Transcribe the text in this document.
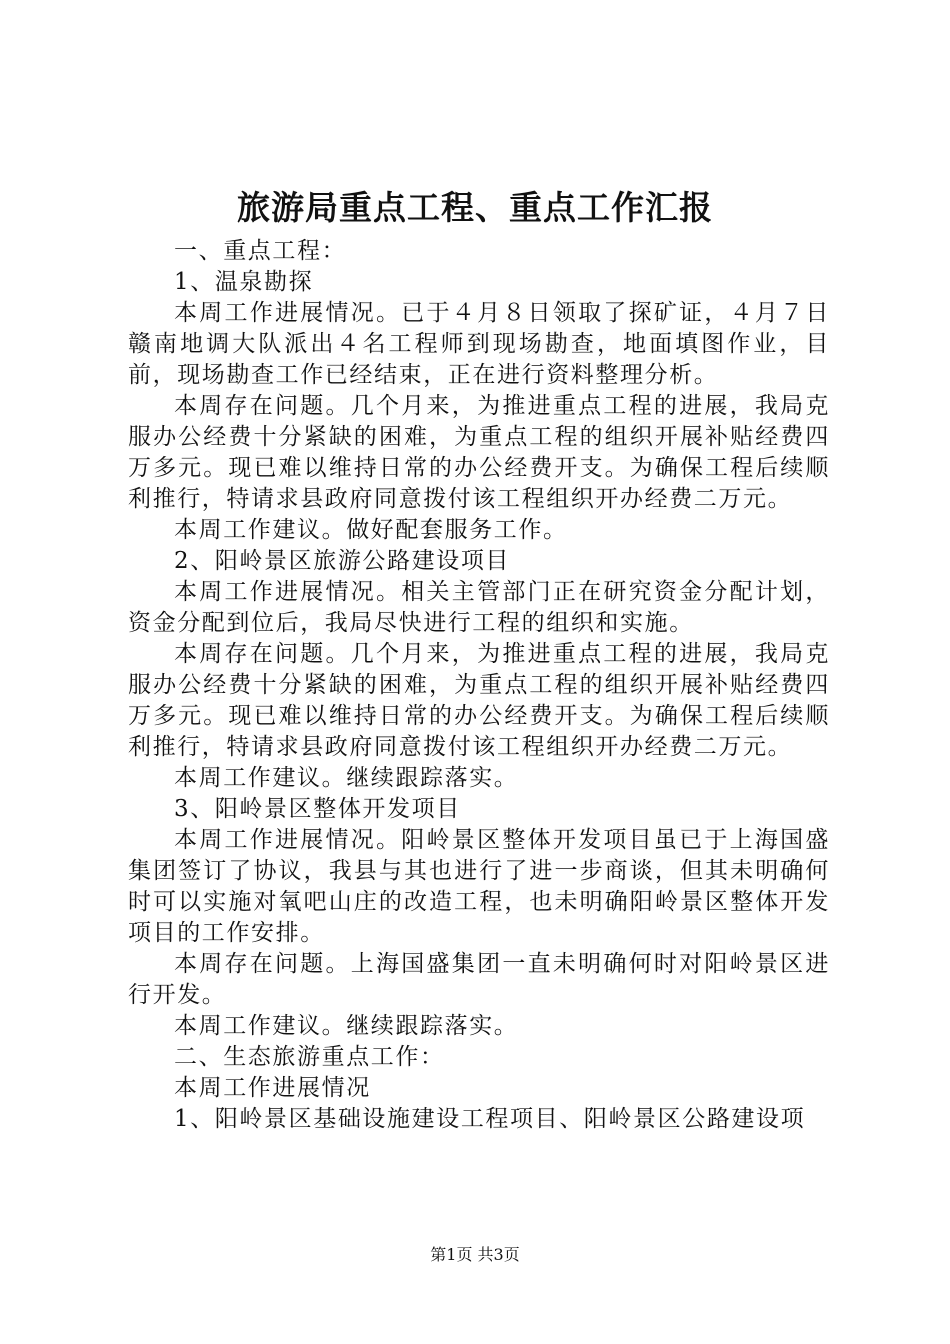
旅游局重点工程、重点工作汇报

一、重点工程：

1、温泉勘探

本周工作进展情况。已于４月８日领取了探矿证，４月７日赣南地调大队派出４名工程师到现场勘查，地面填图作业，目前，现场勘查工作已经结束，正在进行资料整理分析。

本周存在问题。几个月来，为推进重点工程的进展，我局克服办公经费十分紧缺的困难，为重点工程的组织开展补贴经费四万多元。现已难以维持日常的办公经费开支。为确保工程后续顺利推行，特请求县政府同意拨付该工程组织开办经费二万元。

本周工作建议。做好配套服务工作。

2、阳岭景区旅游公路建设项目

本周工作进展情况。相关主管部门正在研究资金分配计划，资金分配到位后，我局尽快进行工程的组织和实施。

本周存在问题。几个月来，为推进重点工程的进展，我局克服办公经费十分紧缺的困难，为重点工程的组织开展补贴经费四万多元。现已难以维持日常的办公经费开支。为确保工程后续顺利推行，特请求县政府同意拨付该工程组织开办经费二万元。

本周工作建议。继续跟踪落实。

3、阳岭景区整体开发项目

本周工作进展情况。阳岭景区整体开发项目虽已于上海国盛集团签订了协议，我县与其也进行了进一步商谈，但其未明确何时可以实施对氧吧山庄的改造工程，也未明确阳岭景区整体开发项目的工作安排。

本周存在问题。上海国盛集团一直未明确何时对阳岭景区进行开发。

本周工作建议。继续跟踪落实。

二、生态旅游重点工作：

本周工作进展情况

1、阳岭景区基础设施建设工程项目、阳岭景区公路建设项

第1页 共3页
